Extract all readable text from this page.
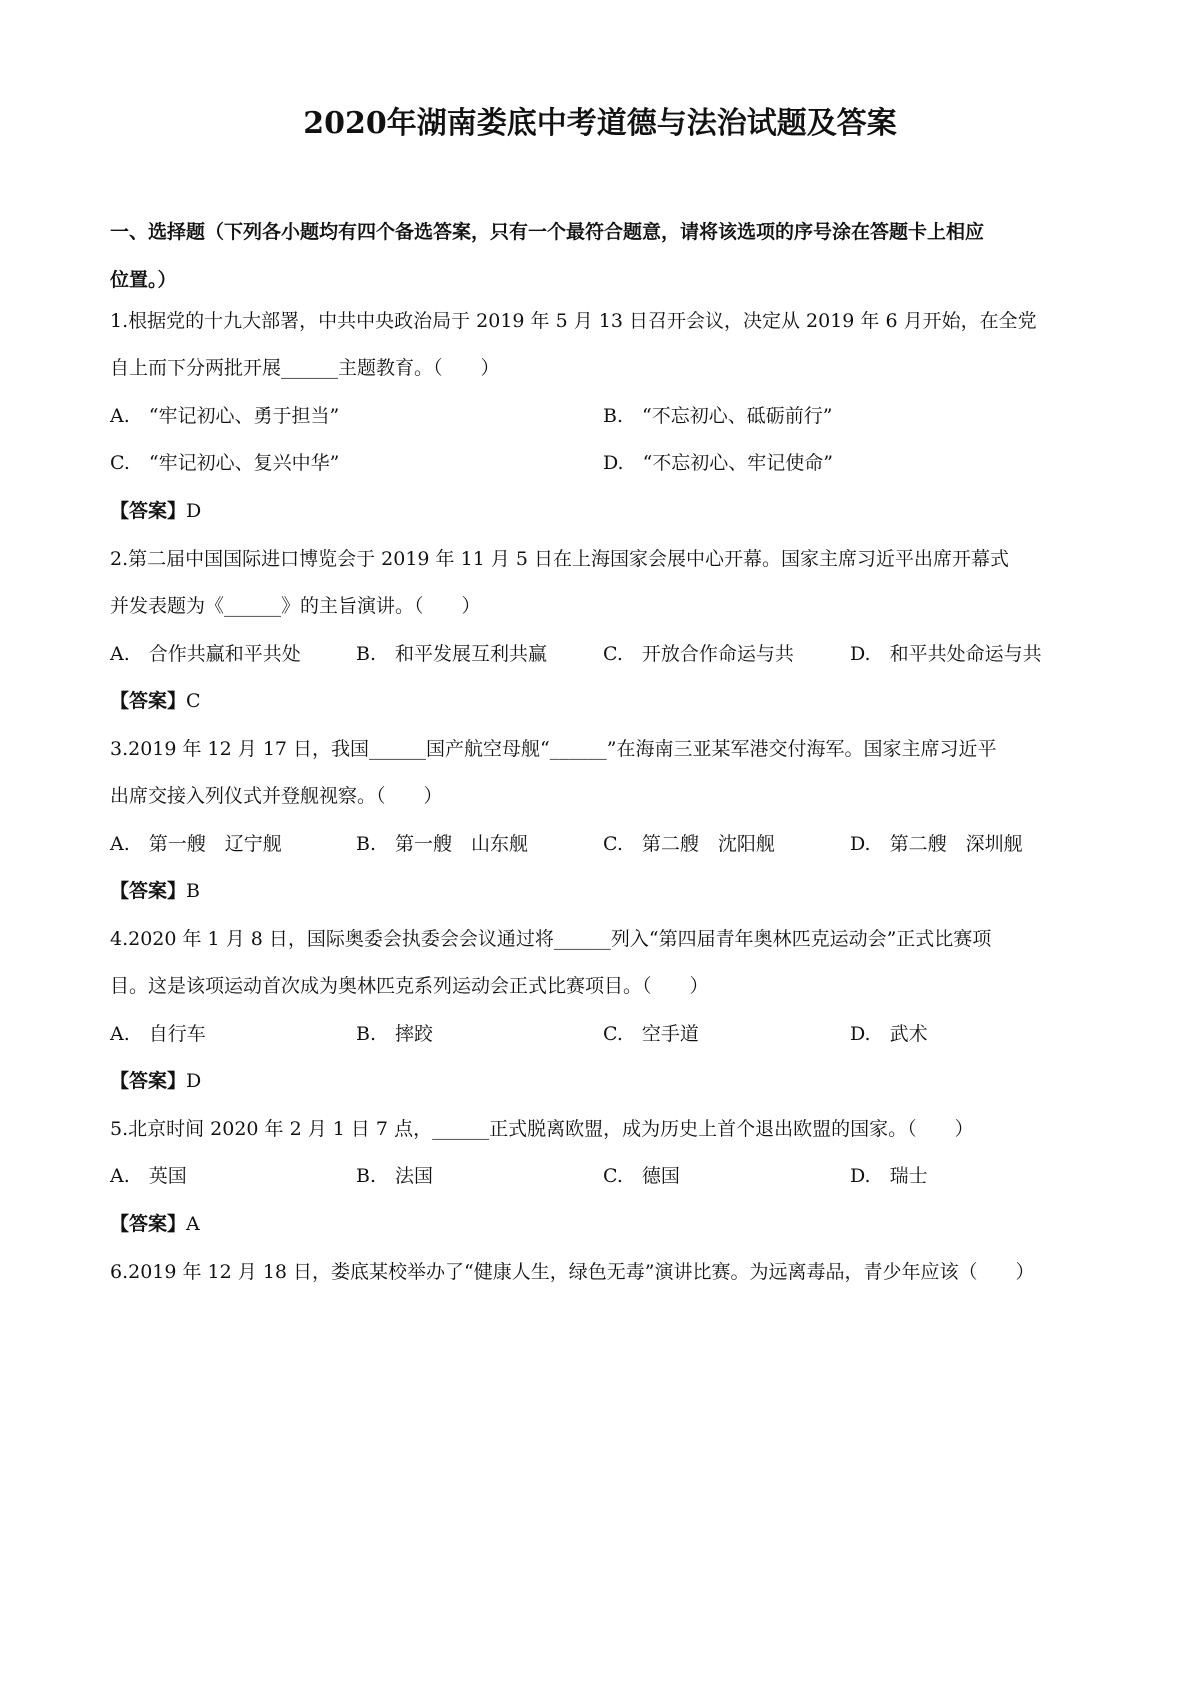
2020年湖南娄底中考道德与法治试题及答案
一、选择题（下列各小题均有四个备选答案，只有一个最符合题意，请将该选项的序号涂在答题卡上相应
位置。）
1.根据党的十九大部署，中共中央政治局于 2019 年 5 月 13 日召开会议，决定从 2019 年 6 月开始，在全党
自上而下分两批开展______主题教育。（　　）
A.　“牢记初心、勇于担当”	B.　“不忘初心、砥砺前行”
C.　“牢记初心、复兴中华”	D.　“不忘初心、牢记使命”
【答案】D
2.第二届中国国际进口博览会于 2019 年 11 月 5 日在上海国家会展中心开幕。国家主席习近平出席开幕式
并发表题为《______》的主旨演讲。（　　）
A.　合作共赢和平共处	B.　和平发展互利共赢	C.　开放合作命运与共	D.　和平共处命运与共
【答案】C
3.2019 年 12 月 17 日，我国______国产航空母舰“______”在海南三亚某军港交付海军。国家主席习近平
出席交接入列仪式并登舰视察。（　　）
A.　第一艘　辽宁舰	B.　第一艘　山东舰	C.　第二艘　沈阳舰	D.　第二艘　深圳舰
【答案】B
4.2020 年 1 月 8 日，国际奥委会执委会会议通过将______列入“第四届青年奥林匹克运动会”正式比赛项
目。这是该项运动首次成为奥林匹克系列运动会正式比赛项目。（　　）
A.　自行车	B.　摔跤	C.　空手道	D.　武术
【答案】D
5.北京时间 2020 年 2 月 1 日 7 点，______正式脱离欧盟，成为历史上首个退出欧盟的国家。（　　）
A.　英国	B.　法国	C.　德国	D.　瑞士
【答案】A
6.2019 年 12 月 18 日，娄底某校举办了“健康人生，绿色无毒”演讲比赛。为远离毒品，青少年应该（　　）
